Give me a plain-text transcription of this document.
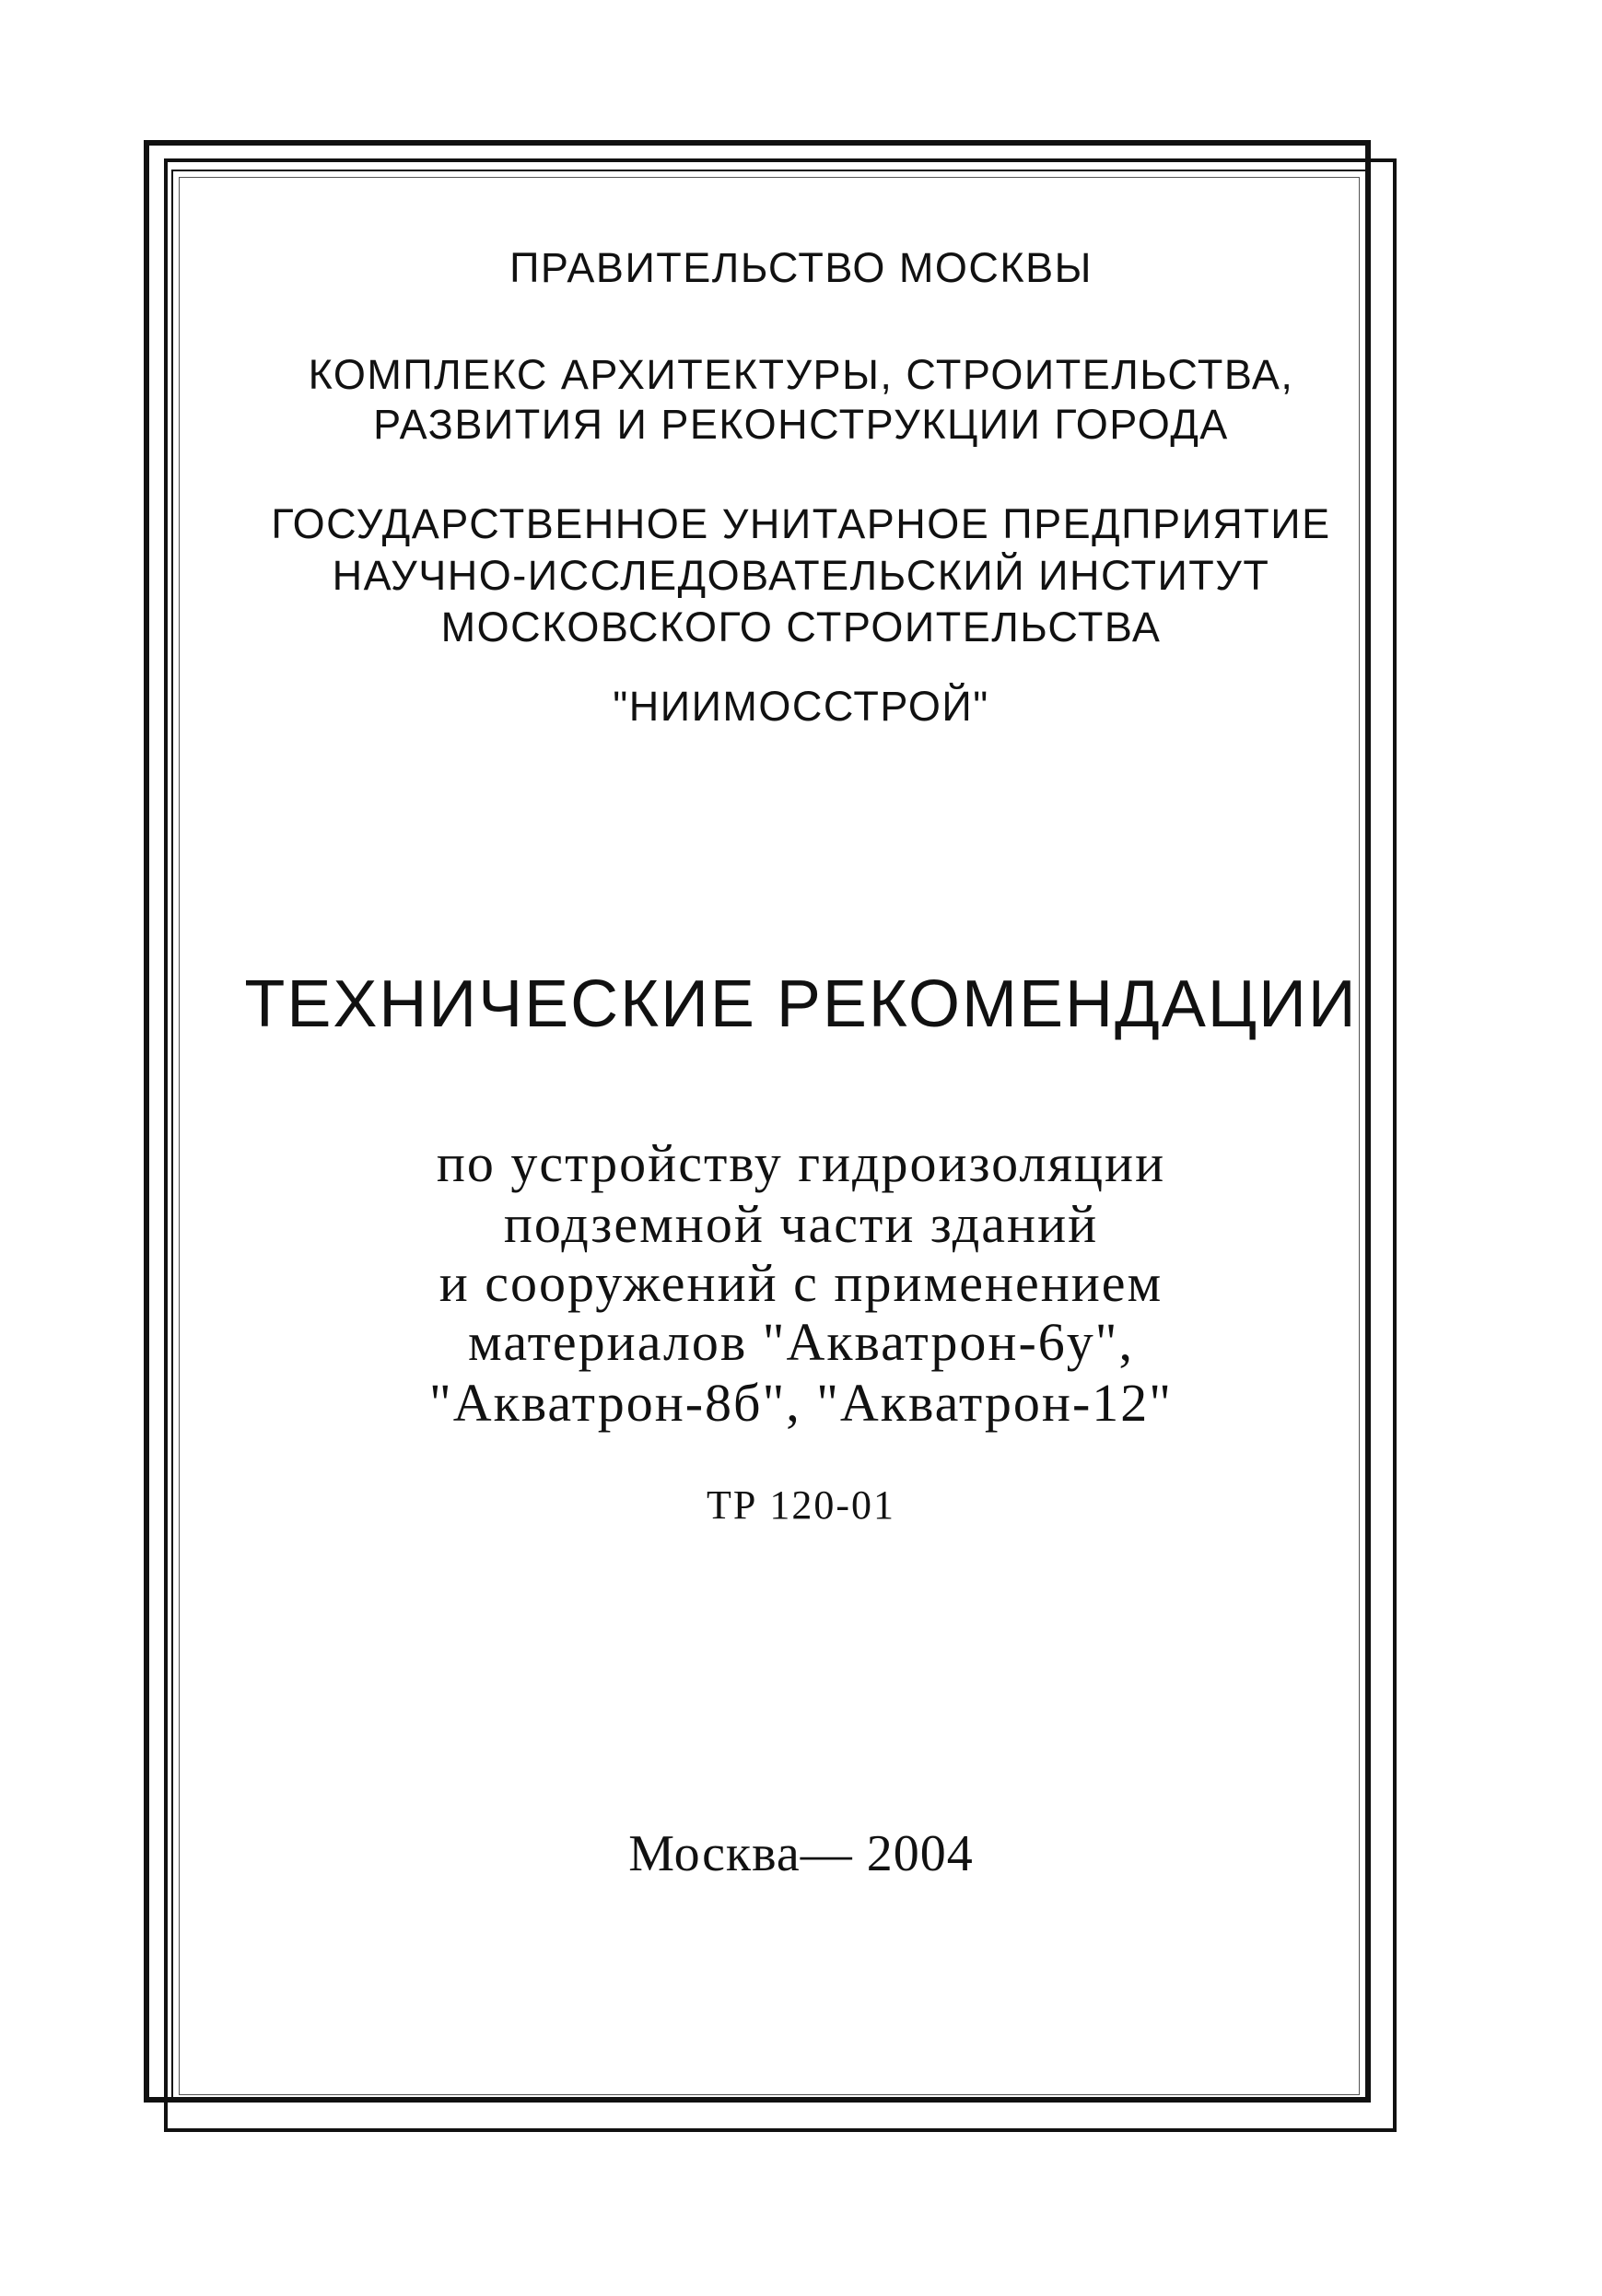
ПРАВИТЕЛЬСТВО МОСКВЫ
КОМПЛЕКС АРХИТЕКТУРЫ, СТРОИТЕЛЬСТВА,
РАЗВИТИЯ И РЕКОНСТРУКЦИИ ГОРОДА
ГОСУДАРСТВЕННОЕ УНИТАРНОЕ ПРЕДПРИЯТИЕ
НАУЧНО-ИССЛЕДОВАТЕЛЬСКИЙ ИНСТИТУТ
МОСКОВСКОГО СТРОИТЕЛЬСТВА
"НИИМОССТРОЙ"
ТЕХНИЧЕСКИЕ РЕКОМЕНДАЦИИ
по устройству гидроизоляции
подземной части зданий
и сооружений с применением
материалов "Акватрон-6у",
"Акватрон-8б", "Акватрон-12"
ТР 120-01
Москва— 2004
